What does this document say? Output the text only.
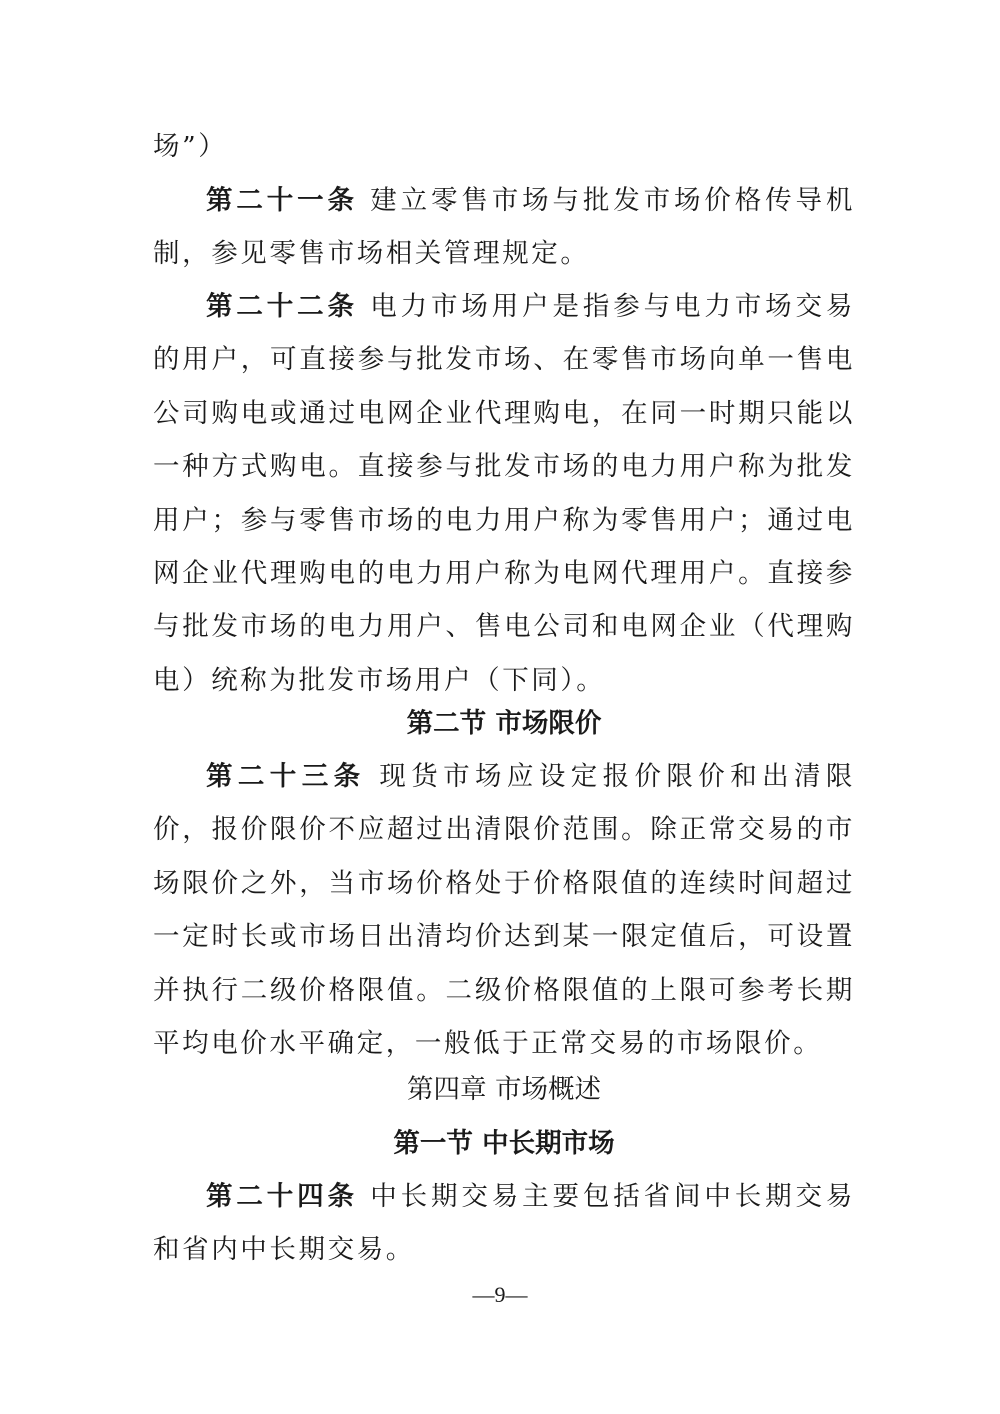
场”）
第二十一条 建立零售市场与批发市场价格传导机制，参见零售市场相关管理规定。
第二十二条 电力市场用户是指参与电力市场交易的用户，可直接参与批发市场、在零售市场向单一售电公司购电或通过电网企业代理购电，在同一时期只能以一种方式购电。直接参与批发市场的电力用户称为批发用户；参与零售市场的电力用户称为零售用户；通过电网企业代理购电的电力用户称为电网代理用户。直接参与批发市场的电力用户、售电公司和电网企业（代理购电）统称为批发市场用户（下同）。
第二节 市场限价
第二十三条 现货市场应设定报价限价和出清限价，报价限价不应超过出清限价范围。除正常交易的市场限价之外，当市场价格处于价格限值的连续时间超过一定时长或市场日出清均价达到某一限定值后，可设置并执行二级价格限值。二级价格限值的上限可参考长期平均电价水平确定，一般低于正常交易的市场限价。
第四章 市场概述
第一节 中长期市场
第二十四条 中长期交易主要包括省间中长期交易和省内中长期交易。
—9—
